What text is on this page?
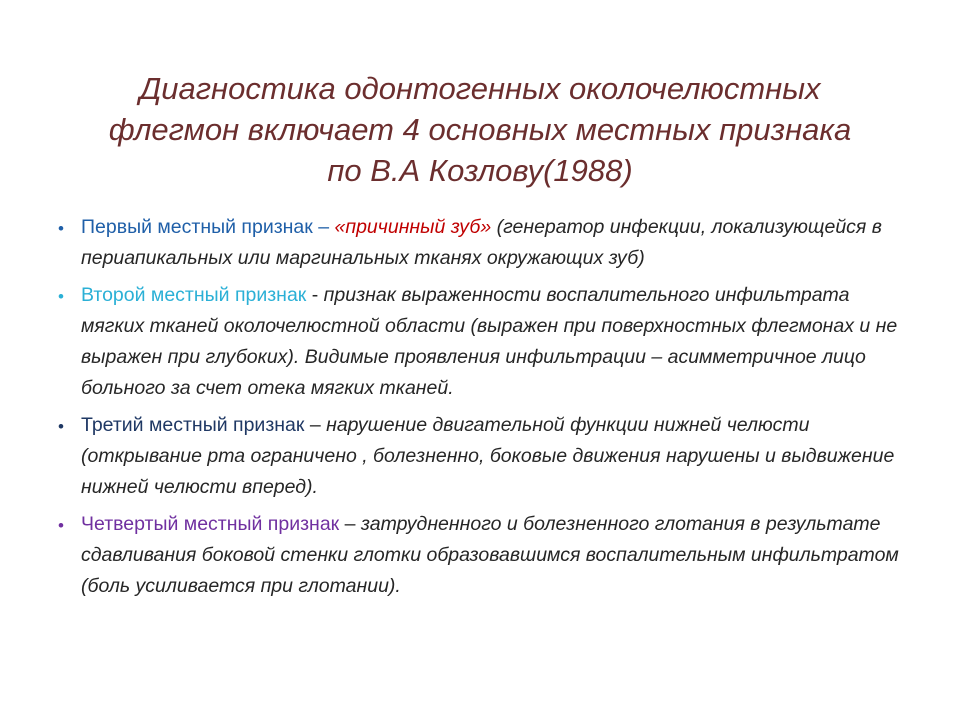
Диагностика одонтогенных околочелюстных
флегмон включает 4 основных местных признака
по В.А Козлову(1988)
• Первый местный признак – «причинный зуб» (генератор инфекции, локализующейся в периапикальных или маргинальных тканях окружающих зуб)
• Второй местный признак - признак выраженности воспалительного инфильтрата мягких тканей околочелюстной области (выражен при поверхностных флегмонах и не выражен при глубоких). Видимые проявления инфильтрации – асимметричное лицо больного за счет отека мягких тканей.
• Третий местный признак – нарушение двигательной функции нижней челюсти (открывание рта ограничено , болезненно, боковые движения нарушены и выдвижение нижней челюсти вперед).
• Четвертый местный признак – затрудненного и болезненного глотания в результате сдавливания боковой стенки глотки образовавшимся воспалительным инфильтратом (боль усиливается при глотании).
